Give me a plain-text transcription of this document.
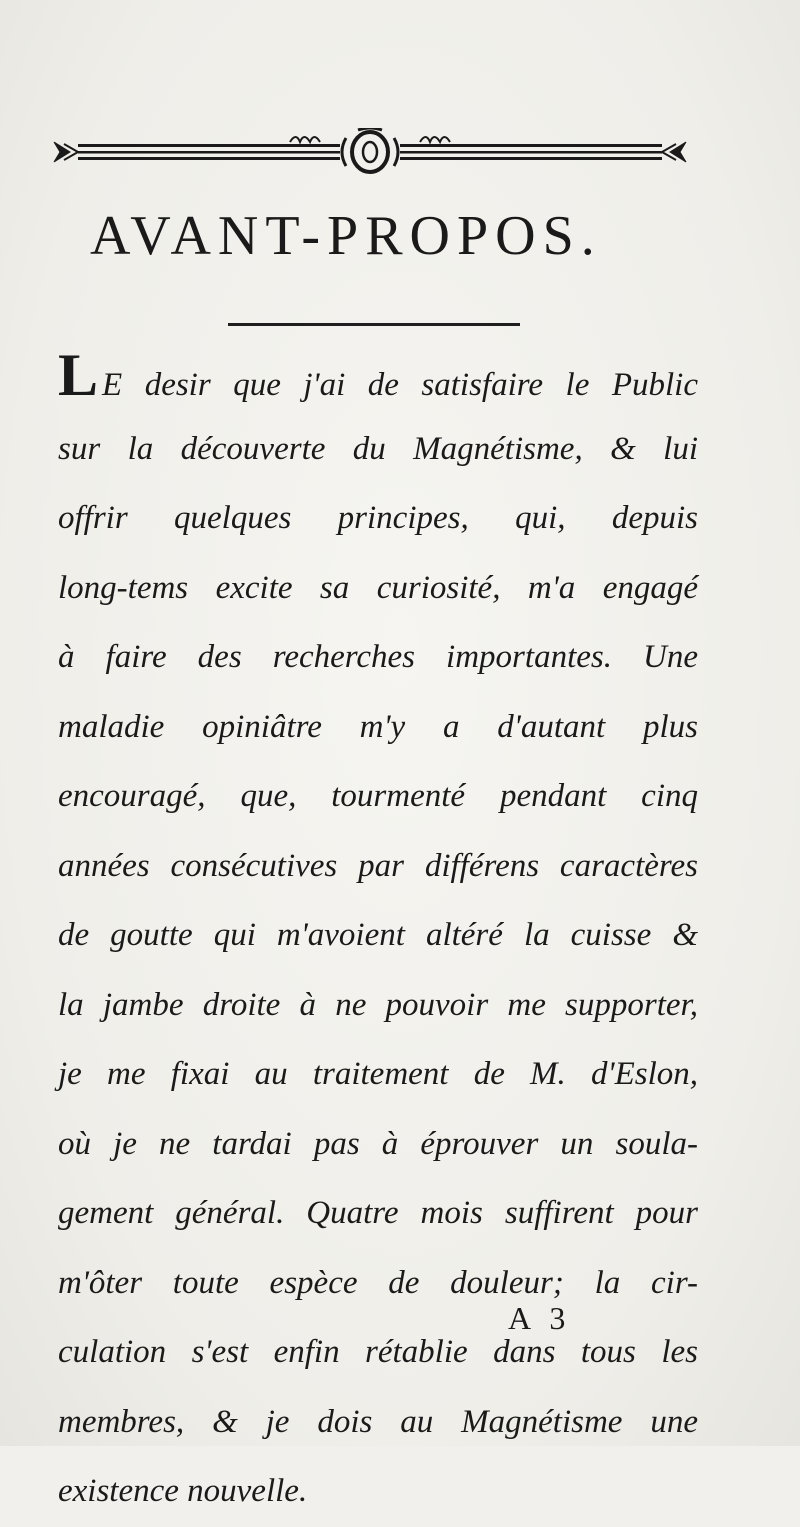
AVANT-PROPOS.
L E desir que j'ai de satisfaire le Public
sur la découverte du Magnétisme, & lui
offrir quelques principes, qui, depuis
long-tems excite sa curiosité, m'a engagé
à faire des recherches importantes. Une
maladie opiniâtre m'y a d'autant plus
encouragé, que, tourmenté pendant cinq
années consécutives par différens caractères
de goutte qui m'avoient altéré la cuisse &
la jambe droite à ne pouvoir me supporter,
je me fixai au traitement de M. d'Eslon,
où je ne tardai pas à éprouver un soula-
gement général. Quatre mois suffirent pour
m'ôter toute espèce de douleur; la cir-
culation s'est enfin rétablie dans tous les
membres, & je dois au Magnétisme une
existence nouvelle.
A 3
